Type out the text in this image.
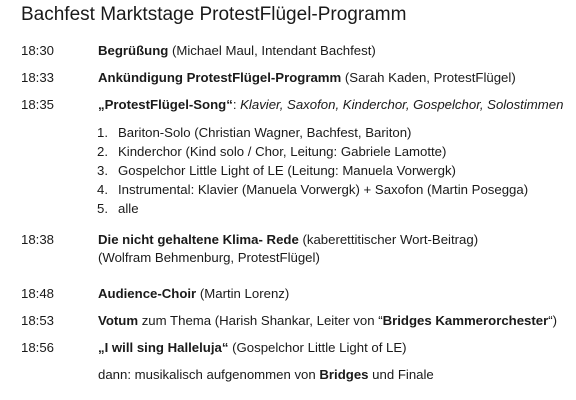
Bachfest Marktstage ProtestFlügel-Programm
18:30	Begrüßung (Michael Maul, Intendant Bachfest)
18:33	Ankündigung ProtestFlügel-Programm (Sarah Kaden, ProtestFlügel)
18:35	„ProtestFlügel-Song“: Klavier, Saxofon, Kinderchor, Gospelchor, Solostimmen
1. Bariton-Solo (Christian Wagner, Bachfest, Bariton)
2. Kinderchor (Kind solo / Chor, Leitung: Gabriele Lamotte)
3. Gospelchor Little Light of LE (Leitung: Manuela Vorwergk)
4. Instrumental: Klavier (Manuela Vorwergk) + Saxofon (Martin Posegga)
5. alle
18:38	Die nicht gehaltene Klima- Rede (kaberettitischer Wort-Beitrag)
(Wolfram Behmenburg, ProtestFlügel)
18:48	Audience-Choir (Martin Lorenz)
18:53	Votum zum Thema (Harish Shankar, Leiter von “Bridges Kammerorchester“)
18:56	„I will sing Halleluja“ (Gospelchor Little Light of LE)
dann: musikalisch aufgenommen von Bridges und Finale
